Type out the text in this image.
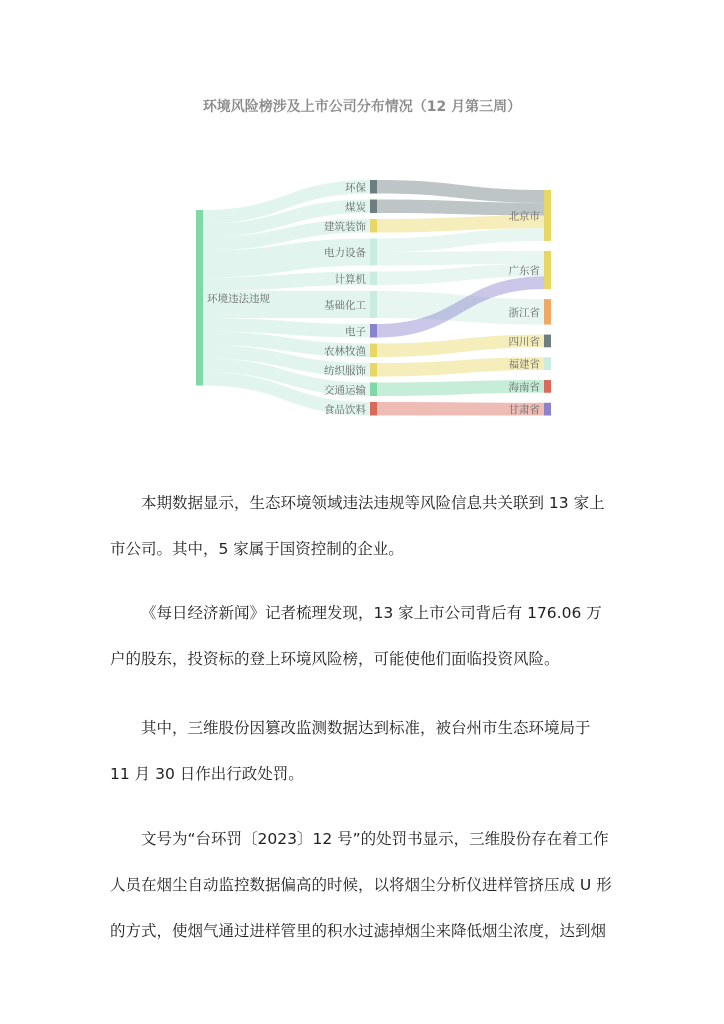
环境风险榜涉及上市公司分布情况（12 月第三周）
环境违法违规
环保
煤炭
建筑装饰
电力设备
计算机
基础化工
电子
农林牧渔
纺织服饰
交通运输
食品饮料
北京市
广东省
浙江省
四川省
福建省
海南省
甘肃省

本期数据显示，生态环境领域违法违规等风险信息共关联到 13 家上市公司。其中，5 家属于国资控制的企业。

《每日经济新闻》记者梳理发现，13 家上市公司背后有 176.06 万户的股东，投资标的登上环境风险榜，可能使他们面临投资风险。

其中，三维股份因篡改监测数据达到标准，被台州市生态环境局于 11 月 30 日作出行政处罚。

文号为“台环罚〔2023〕12 号”的处罚书显示，三维股份存在着工作人员在烟尘自动监控数据偏高的时候，以将烟尘分析仪进样管挤压成 U 形的方式，使烟气通过进样管里的积水过滤掉烟尘来降低烟尘浓度，达到烟
